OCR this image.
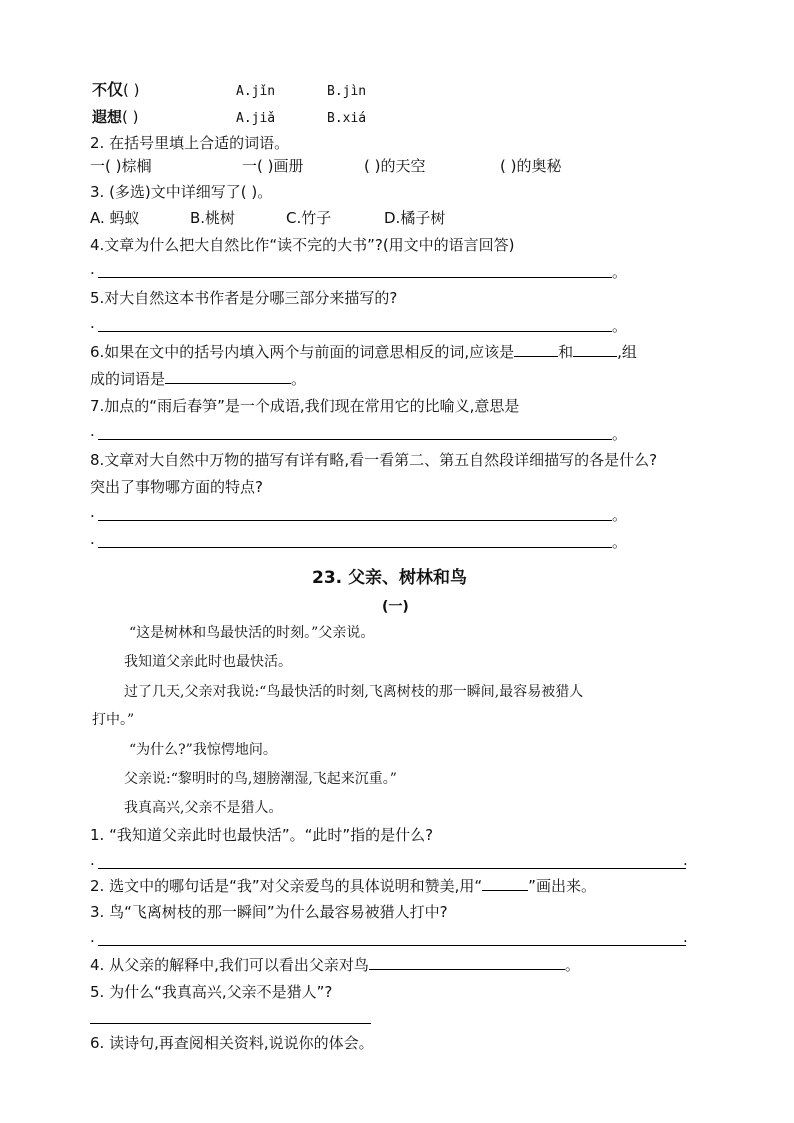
不仅( )	A.jǐn	B.jìn
遐想( )	A.jiǎ	B.xiá
2. 在括号里填上合适的词语。
一( )棕榈	一( )画册	( )的天空	( )的奥秘
3. (多选)文中详细写了( )。
A. 蚂蚁	B.桃树	C.竹子	D.橘子树
4.文章为什么把大自然比作“读不完的大书”?(用文中的语言回答)
.	。
5.对大自然这本书作者是分哪三部分来描写的?
.	。
6.如果在文中的括号内填入两个与前面的词意思相反的词,应该是	和	,组
成的词语是	。
7.加点的“雨后春笋”是一个成语,我们现在常用它的比喻义,意思是
.	。
8.文章对大自然中万物的描写有详有略,看一看第二、第五自然段详细描写的各是什么?
突出了事物哪方面的特点?
.	。
.	。
23. 父亲、树林和鸟
(一)
“这是树林和鸟最快活的时刻。”父亲说。
我知道父亲此时也最快活。
过了几天,父亲对我说:“鸟最快活的时刻,飞离树枝的那一瞬间,最容易被猎人
打中。”
“为什么?”我惊愕地问。
父亲说:“黎明时的鸟,翅膀潮湿,飞起来沉重。”
我真高兴,父亲不是猎人。
1. “我知道父亲此时也最快活”。“此时”指的是什么?
.	.
2. 选文中的哪句话是“我”对父亲爱鸟的具体说明和赞美,用“	”画出来。
3. 鸟“飞离树枝的那一瞬间”为什么最容易被猎人打中?
.	.
4. 从父亲的解释中,我们可以看出父亲对鸟	。
5. 为什么“我真高兴,父亲不是猎人”?
6. 读诗句,再查阅相关资料,说说你的体会。
